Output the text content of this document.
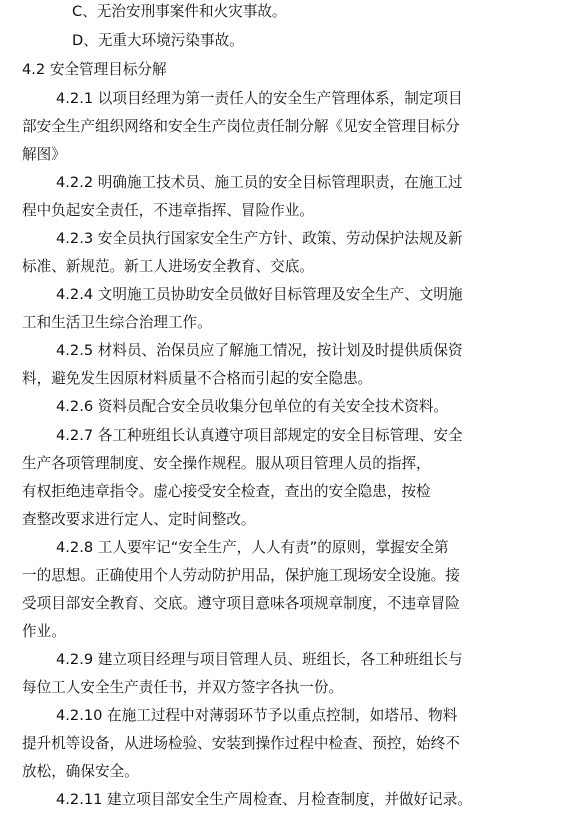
C、无治安刑事案件和火灾事故。
D、无重大环境污染事故。
4.2 安全管理目标分解
4.2.1 以项目经理为第一责任人的安全生产管理体系，制定项目
部安全生产组织网络和安全生产岗位责任制分解《见安全管理目标分
解图》
4.2.2 明确施工技术员、施工员的安全目标管理职责，在施工过
程中负起安全责任，不违章指挥、冒险作业。
4.2.3 安全员执行国家安全生产方针、政策、劳动保护法规及新
标准、新规范。新工人进场安全教育、交底。
4.2.4 文明施工员协助安全员做好目标管理及安全生产、文明施
工和生活卫生综合治理工作。
4.2.5 材料员、治保员应了解施工情况，按计划及时提供质保资
料，避免发生因原材料质量不合格而引起的安全隐患。
4.2.6 资料员配合安全员收集分包单位的有关安全技术资料。
4.2.7 各工种班组长认真遵守项目部规定的安全目标管理、安全
生产各项管理制度、安全操作规程。服从项目管理人员的指挥，
有权拒绝违章指令。虚心接受安全检查，查出的安全隐患，按检
查整改要求进行定人、定时间整改。
4.2.8 工人要牢记“安全生产，人人有责”的原则，掌握安全第
一的思想。正确使用个人劳动防护用品，保护施工现场安全设施。接
受项目部安全教育、交底。遵守项目意味各项规章制度，不违章冒险
作业。
4.2.9 建立项目经理与项目管理人员、班组长，各工种班组长与
每位工人安全生产责任书，并双方签字各执一份。
4.2.10 在施工过程中对薄弱环节予以重点控制，如塔吊、物料
提升机等设备，从进场检验、安装到操作过程中检查、预控，始终不
放松，确保安全。
4.2.11 建立项目部安全生产周检查、月检查制度，并做好记录。
